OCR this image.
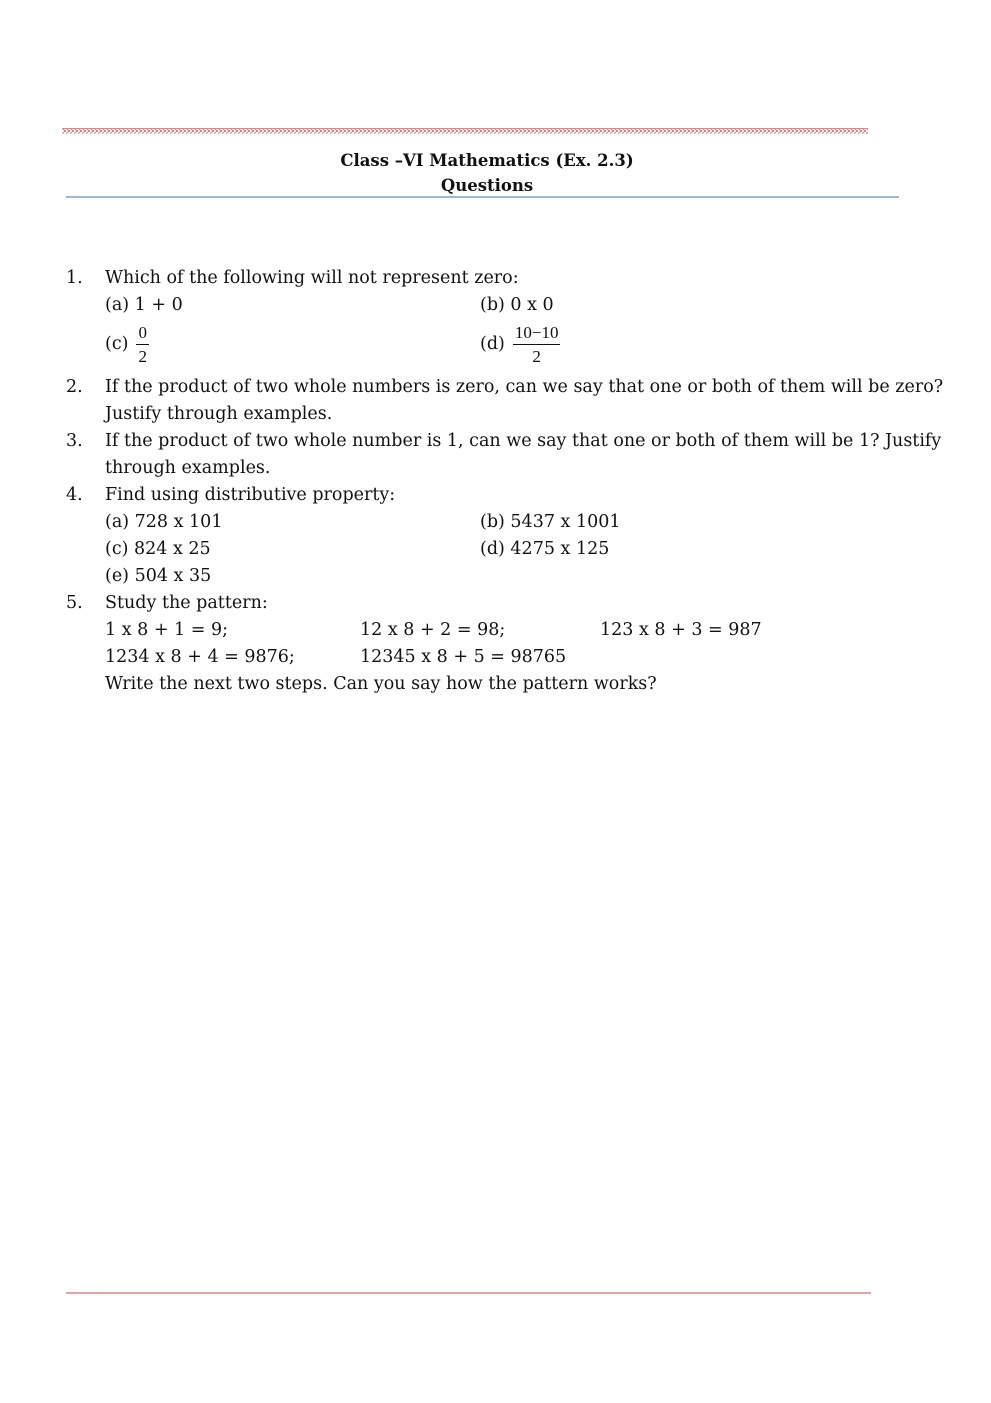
Class –VI Mathematics (Ex. 2.3)
Questions
1.	Which of the following will not represent zero:
(a) 1 + 0	(b) 0 x 0
$(c) \frac{0}{2}$	$(d) \frac{10-10}{2}$
2.	If the product of two whole numbers is zero, can we say that one or both of them will be zero?
Justify through examples.
3.	If the product of two whole number is 1, can we say that one or both of them will be 1? Justify
through examples.
4.	Find using distributive property:
(a) 728 x 101	(b) 5437 x 1001
(c) 824 x 25	(d) 4275 x 125
(e) 504 x 35
5.	Study the pattern:
1 x 8 + 1 = 9;	12 x 8 + 2 = 98;	123 x 8 + 3 = 987
1234 x 8 + 4 = 9876;	12345 x 8 + 5 = 98765
Write the next two steps. Can you say how the pattern works?
